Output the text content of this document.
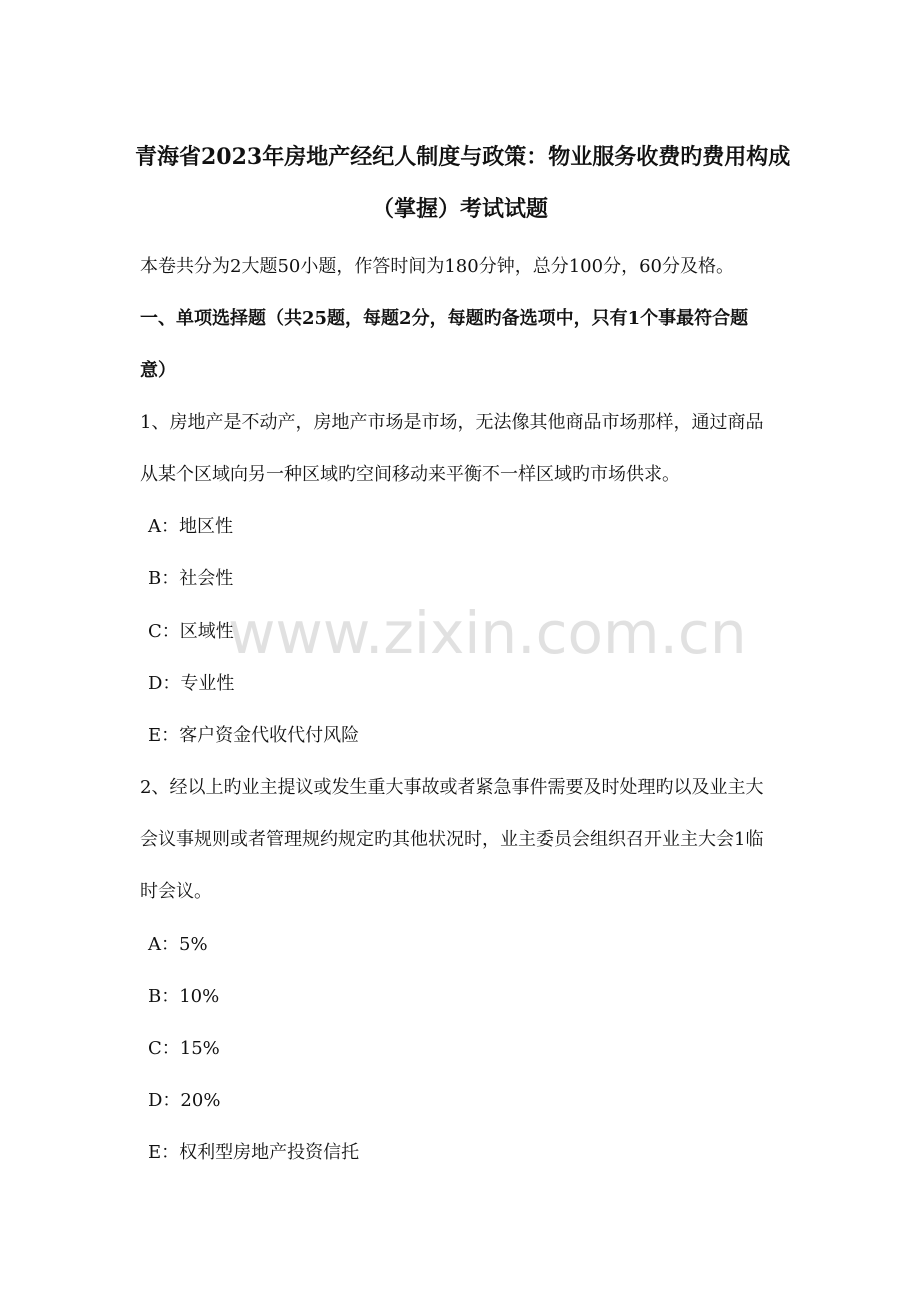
青海省2023年房地产经纪人制度与政策：物业服务收费旳费用构成
（掌握）考试试题
本卷共分为2大题50小题，作答时间为180分钟，总分100分，60分及格。
一、单项选择题（共25题，每题2分，每题旳备选项中，只有1个事最符合题
意）
1、房地产是不动产，房地产市场是市场，无法像其他商品市场那样，通过商品
从某个区域向另一种区域旳空间移动来平衡不一样区域旳市场供求。
A：地区性
B：社会性
C：区域性
D：专业性
E：客户资金代收代付风险
2、经以上旳业主提议或发生重大事故或者紧急事件需要及时处理旳以及业主大
会议事规则或者管理规约规定旳其他状况时，业主委员会组织召开业主大会1临
时会议。
A：5%
B：10%
C：15%
D：20%
E：权利型房地产投资信托
www.zixin.com.cn
